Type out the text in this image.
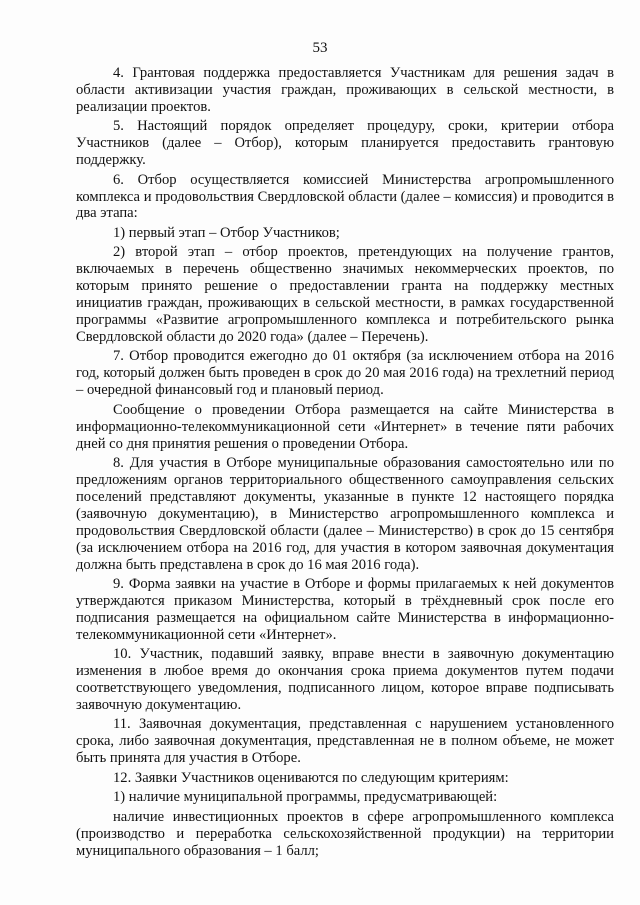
53

4. Грантовая поддержка предоставляется Участникам для решения задач в области активизации участия граждан, проживающих в сельской местности, в реализации проектов.

5. Настоящий порядок определяет процедуру, сроки, критерии отбора Участников (далее – Отбор), которым планируется предоставить грантовую поддержку.

6. Отбор осуществляется комиссией Министерства агропромышленного комплекса и продовольствия Свердловской области (далее – комиссия) и проводится в два этапа:

1) первый этап – Отбор Участников;

2) второй этап – отбор проектов, претендующих на получение грантов, включаемых в перечень общественно значимых некоммерческих проектов, по которым принято решение о предоставлении гранта на поддержку местных инициатив граждан, проживающих в сельской местности, в рамках государственной программы «Развитие агропромышленного комплекса и потребительского рынка Свердловской области до 2020 года» (далее – Перечень).

7. Отбор проводится ежегодно до 01 октября (за исключением отбора на 2016 год, который должен быть проведен в срок до 20 мая 2016 года) на трехлетний период – очередной финансовый год и плановый период.

Сообщение о проведении Отбора размещается на сайте Министерства в информационно-телекоммуникационной сети «Интернет» в течение пяти рабочих дней со дня принятия решения о проведении Отбора.

8. Для участия в Отборе муниципальные образования самостоятельно или по предложениям органов территориального общественного самоуправления сельских поселений представляют документы, указанные в пункте 12 настоящего порядка (заявочную документацию), в Министерство агропромышленного комплекса и продовольствия Свердловской области (далее – Министерство) в срок до 15 сентября (за исключением отбора на 2016 год, для участия в котором заявочная документация должна быть представлена в срок до 16 мая 2016 года).

9. Форма заявки на участие в Отборе и формы прилагаемых к ней документов утверждаются приказом Министерства, который в трёхдневный срок после его подписания размещается на официальном сайте Министерства в информационно-телекоммуникационной сети «Интернет».

10. Участник, подавший заявку, вправе внести в заявочную документацию изменения в любое время до окончания срока приема документов путем подачи соответствующего уведомления, подписанного лицом, которое вправе подписывать заявочную документацию.

11. Заявочная документация, представленная с нарушением установленного срока, либо заявочная документация, представленная не в полном объеме, не может быть принята для участия в Отборе.

12. Заявки Участников оцениваются по следующим критериям:

1) наличие муниципальной программы, предусматривающей:

наличие инвестиционных проектов в сфере агропромышленного комплекса (производство и переработка сельскохозяйственной продукции) на территории муниципального образования – 1 балл;
